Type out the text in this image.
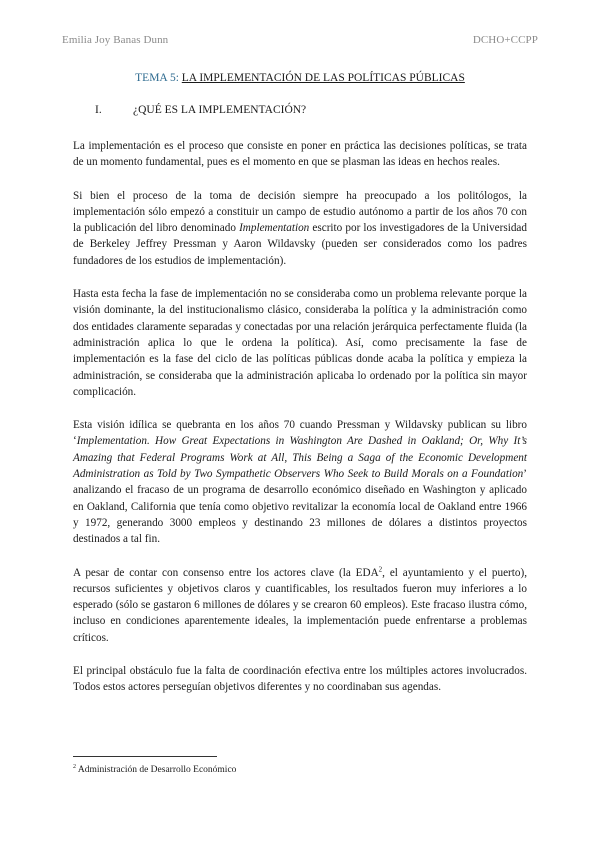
Emilia Joy Banas Dunn	DCHO+CCPP
TEMA 5: LA IMPLEMENTACIÓN DE LAS POLÍTICAS PÚBLICAS
I.	¿QUÉ ES LA IMPLEMENTACIÓN?

La implementación es el proceso que consiste en poner en práctica las decisiones políticas, se trata de un momento fundamental, pues es el momento en que se plasman las ideas en hechos reales.

Si bien el proceso de la toma de decisión siempre ha preocupado a los politólogos, la implementación sólo empezó a constituir un campo de estudio autónomo a partir de los años 70 con la publicación del libro denominado Implementation escrito por los investigadores de la Universidad de Berkeley Jeffrey Pressman y Aaron Wildavsky (pueden ser considerados como los padres fundadores de los estudios de implementación).

Hasta esta fecha la fase de implementación no se consideraba como un problema relevante porque la visión dominante, la del institucionalismo clásico, consideraba la política y la administración como dos entidades claramente separadas y conectadas por una relación jerárquica perfectamente fluida (la administración aplica lo que le ordena la política). Así, como precisamente la fase de implementación es la fase del ciclo de las políticas públicas donde acaba la política y empieza la administración, se consideraba que la administración aplicaba lo ordenado por la política sin mayor complicación.

Esta visión idílica se quebranta en los años 70 cuando Pressman y Wildavsky publican su libro ‘Implementation. How Great Expectations in Washington Are Dashed in Oakland; Or, Why It’s Amazing that Federal Programs Work at All, This Being a Saga of the Economic Development Administration as Told by Two Sympathetic Observers Who Seek to Build Morals on a Foundation’ analizando el fracaso de un programa de desarrollo económico diseñado en Washington y aplicado en Oakland, California que tenía como objetivo revitalizar la economía local de Oakland entre 1966 y 1972, generando 3000 empleos y destinando 23 millones de dólares a distintos proyectos destinados a tal fin.

A pesar de contar con consenso entre los actores clave (la EDA$^2$, el ayuntamiento y el puerto), recursos suficientes y objetivos claros y cuantificables, los resultados fueron muy inferiores a lo esperado (sólo se gastaron 6 millones de dólares y se crearon 60 empleos). Este fracaso ilustra cómo, incluso en condiciones aparentemente ideales, la implementación puede enfrentarse a problemas críticos.

El principal obstáculo fue la falta de coordinación efectiva entre los múltiples actores involucrados. Todos estos actores perseguían objetivos diferentes y no coordinaban sus agendas.

$^2$ Administración de Desarrollo Económico
